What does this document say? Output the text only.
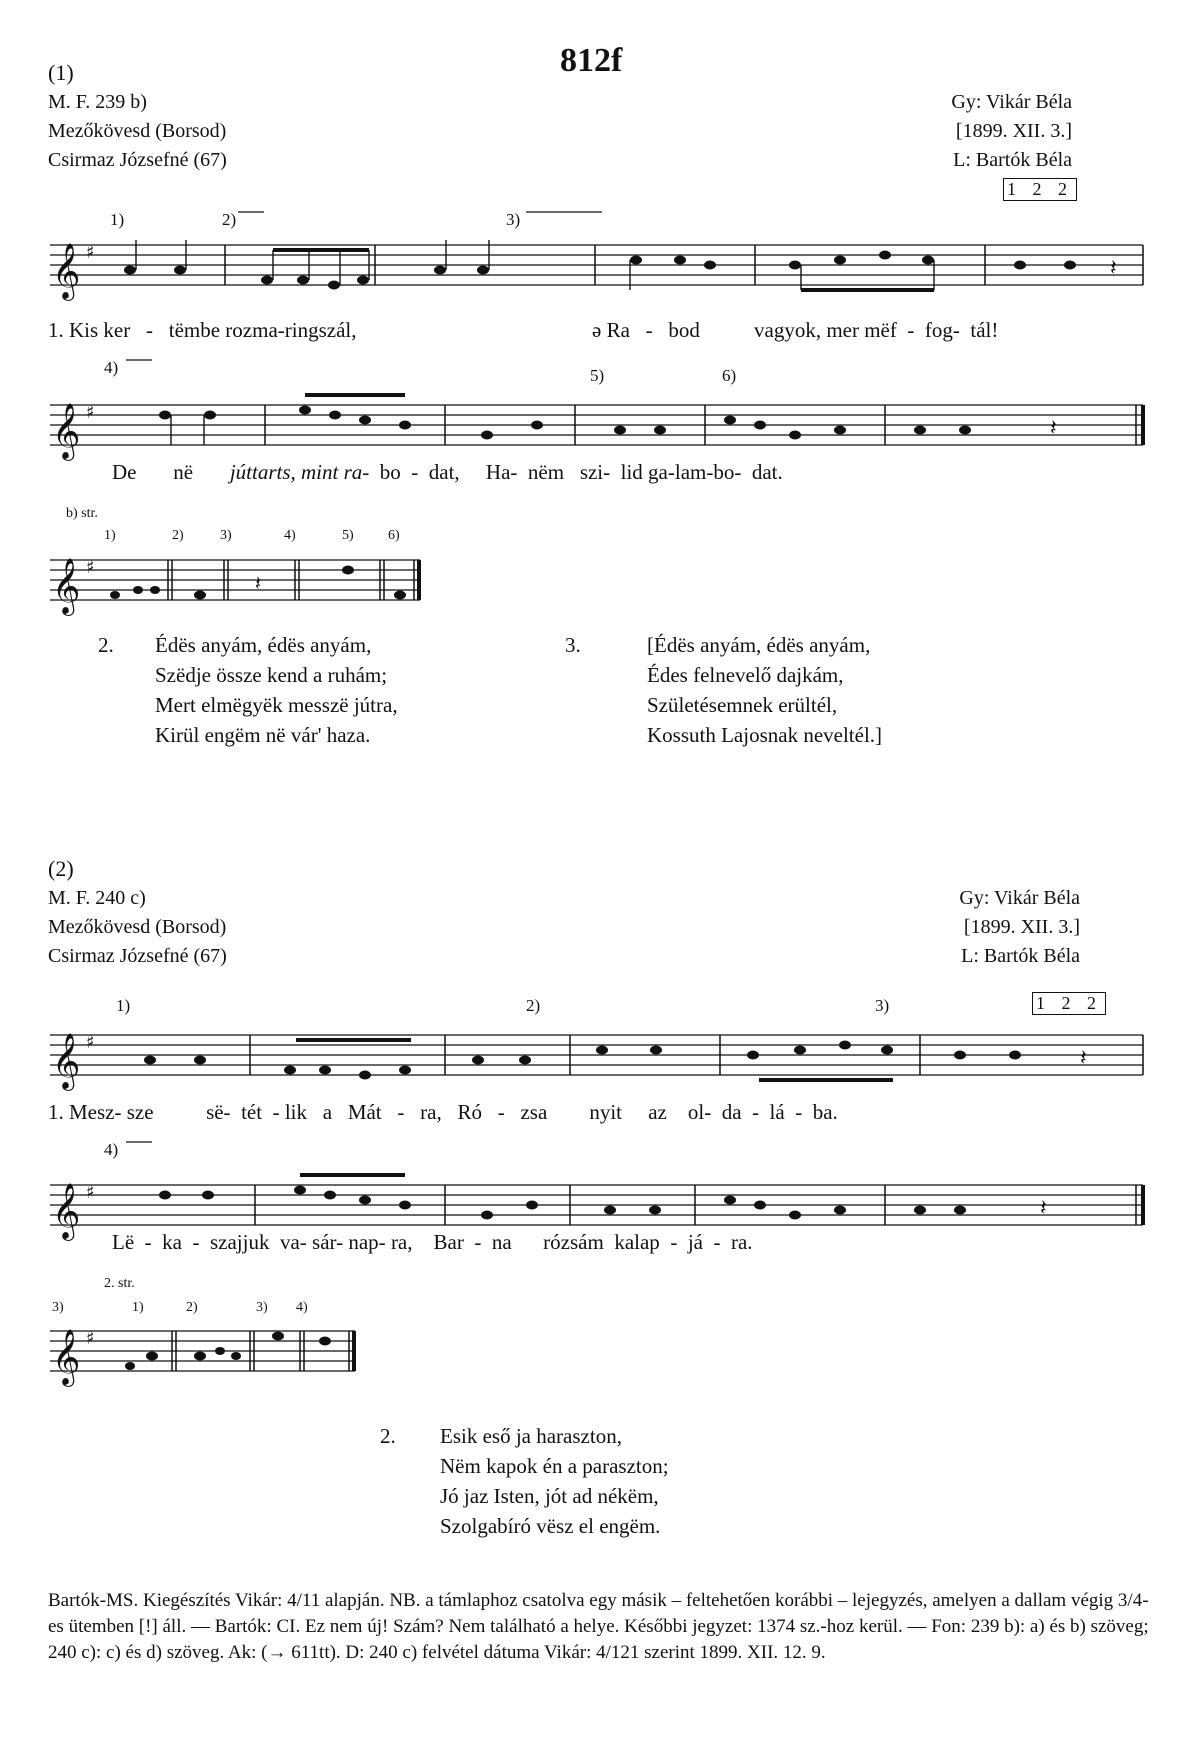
812f
(1)
M. F. 239 b)
Mezőkövesd (Borsod)
Csirmaz Józsefné (67)
Gy: Vikár Béla
[1899. XII. 3.]
L: Bartók Béla
1 2 2
1)	2)	3)
𝄞 ♯
𝄽
1. Kis ker - tëmbe rozma-ringszál,	ə Ra - bod	vagyok, mer mëf - fog- tál!
4)	5)	6)
𝄞 ♯
𝄽
De në júttarts, mint ra- bo - dat, Ha- nëm szi- lid ga-lam-bo- dat.
b) str.
1)	2)	3)	4)	5) 6)
𝄞 ♯
𝄽
2. Édës anyám, édës anyám,
Szëdje össze kend a ruhám;
Mert elmëgyëk messzë jútra,
Kirül engëm në vár' haza.
3.	[Édës anyám, édës anyám,
Édes felnevelő dajkám,
Születésemnek erültél,
Kossuth Lajosnak neveltél.]
(2)
M. F. 240 c)
Mezőkövesd (Borsod)
Csirmaz Józsefné (67)
Gy: Vikár Béla
[1899. XII. 3.]
L: Bartók Béla
1 2 2
1)	2)	3)
𝄞 ♯
𝄽
1. Mesz- sze	së- tét - lik a Mát - ra, Ró - zsa nyit az ol- da - lá - ba.
4)
𝄞 ♯
𝄽
Lë - ka - szajjuk va- sár- nap- ra, Bar - na rózsám kalap - já - ra.
2. str.
3)	1)	2)	3) 4)
𝄞 ♯
2. Esik eső ja haraszton,
Nëm kapok én a paraszton;
Jó jaz Isten, jót ad nékëm,
Szolgabíró vësz el engëm.
Bartók-MS. Kiegészítés Vikár: 4/11 alapján. NB. a támlaphoz csatolva egy másik – feltehetően korábbi – lejegyzés, amelyen a dallam végig 3/4-es ütemben [!] áll. — Bartók: CI. Ez nem új! Szám? Nem található a helye. Későbbi jegyzet: 1374 sz.-hoz kerül. — Fon: 239 b): a) és b) szöveg; 240 c): c) és d) szöveg. Ak: (→ 611tt). D: 240 c) felvétel dátuma Vikár: 4/121 szerint 1899. XII. 12. 9.
